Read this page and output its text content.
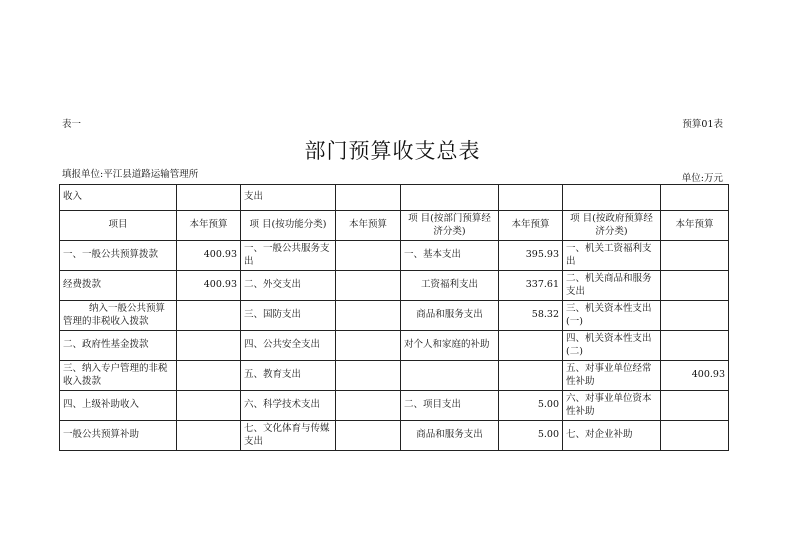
表一	预算01表
部门预算收支总表
填报单位:平江县道路运输管理所	单位:万元
收入		支出					
项目	本年预算	项 目(按功能分类)	本年预算	项 目(按部门预算经济分类)	本年预算	项 目(按政府预算经济分类)	本年预算
一、一般公共预算拨款	400.93	一、一般公共服务支出		一、基本支出	395.93	一、机关工资福利支出	
经费拨款	400.93	二、外交支出		工资福利支出	337.61	二、机关商品和服务支出	
纳入一般公共预算管理的非税收入拨款		三、国防支出		商品和服务支出	58.32	三、机关资本性支出(一)	
二、政府性基金拨款		四、公共安全支出		对个人和家庭的补助		四、机关资本性支出(二)	
三、纳入专户管理的非税收入拨款		五、教育支出				五、对事业单位经常性补助	400.93
四、上级补助收入		六、科学技术支出		二、项目支出	5.00	六、对事业单位资本性补助	
一般公共预算补助		七、文化体育与传媒支出		商品和服务支出	5.00	七、对企业补助	
